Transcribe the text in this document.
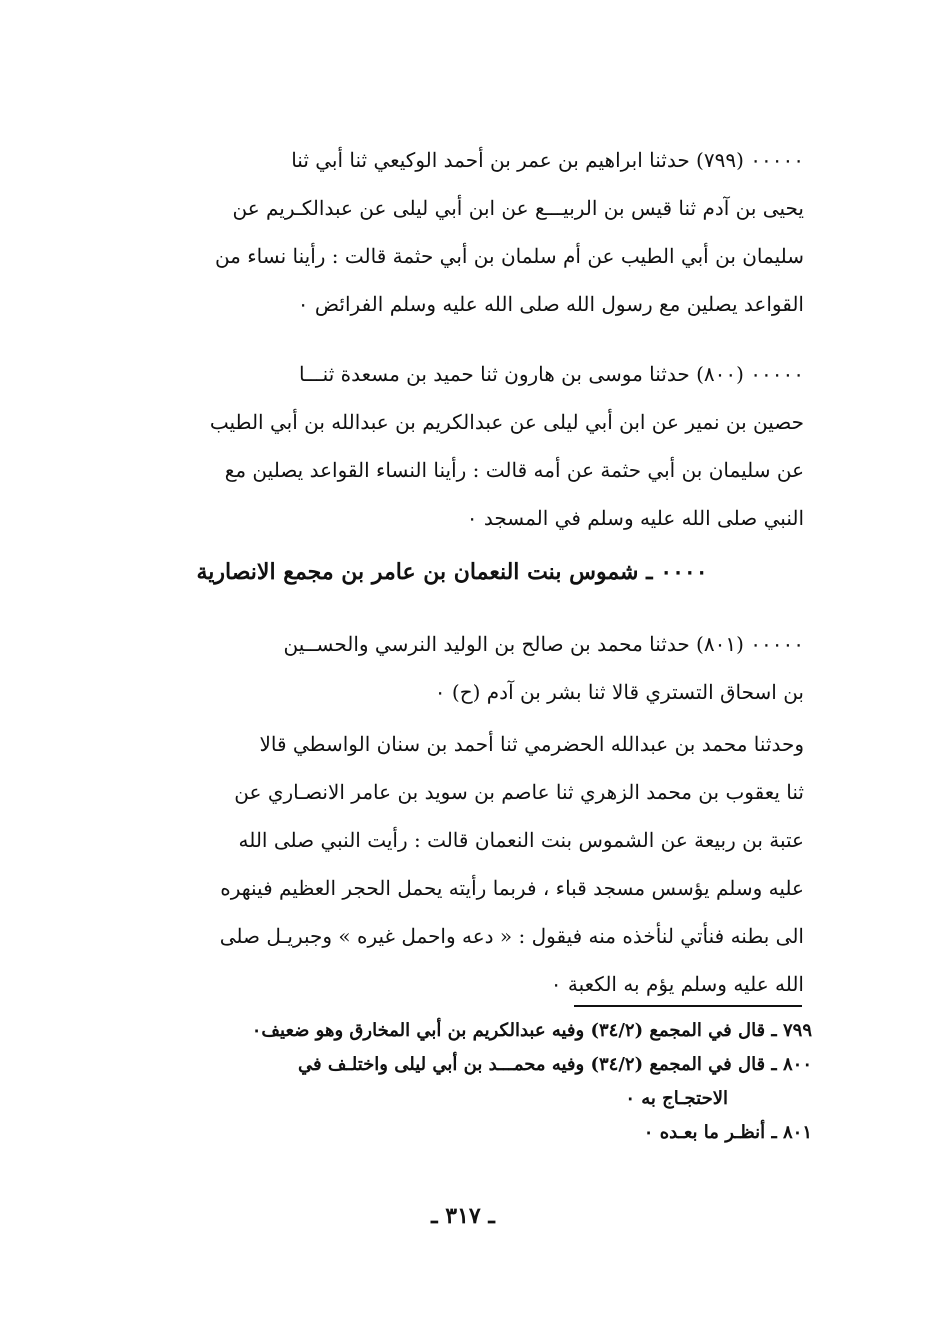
٠٠٠٠٠ (٧٩٩) حدثنا ابراهيم بن عمر بن أحمد الوكيعي ثنا أبي ثنا
يحيى بن آدم ثنا قيس بن الربيـــع عن ابن أبي ليلى عن عبدالكـريم عن
سليمان بن أبي الطيب عن أم سلمان بن أبي حثمة قالت : رأينا نساء من
القواعد يصلين مع رسول الله صلى الله عليه وسلم الفرائض ٠
٠٠٠٠٠ (٨٠٠) حدثنا موسى بن هارون ثنا حميد بن مسعدة ثنـــا
حصين بن نمير عن ابن أبي ليلى عن عبدالكريم بن عبدالله بن أبي الطيب
عن سليمان بن أبي حثمة عن أمه قالت : رأينا النساء القواعد يصلين مع
النبي صلى الله عليه وسلم في المسجد ٠
٠٠٠٠ ـ شموس بنت النعمان بن عامر بن مجمع الانصارية
٠٠٠٠٠ (٨٠١) حدثنا محمد بن صالح بن الوليد النرسي والحســين
بن اسحاق التستري قالا ثنا بشر بن آدم (ح) ٠
وحدثنا محمد بن عبدالله الحضرمي ثنا أحمد بن سنان الواسطي قالا
ثنا يعقوب بن محمد الزهري ثنا عاصم بن سويد بن عامر الانصـاري عن
عتبة بن ربيعة عن الشموس بنت النعمان قالت : رأيت النبي صلى الله
عليه وسلم يؤسس مسجد قباء ، فربما رأيته يحمل الحجر العظيم فينهره
الى بطنه فنأتي لنأخذه منه فيقول : « دعه واحمل غيره » وجبريـل صلى
الله عليه وسلم يؤم به الكعبة ٠
٧٩٩ ـ قال في المجمع (٣٤/٢) وفيه عبدالكريم بن أبي المخارق وهو ضعيف٠
٨٠٠ ـ قال في المجمع (٣٤/٢) وفيه محمـــد بن أبي ليلى واختلـف في
الاحتجـاج به ٠
٨٠١ ـ أنظـر ما بعـده ٠
ـ ٣١٧ ـ
